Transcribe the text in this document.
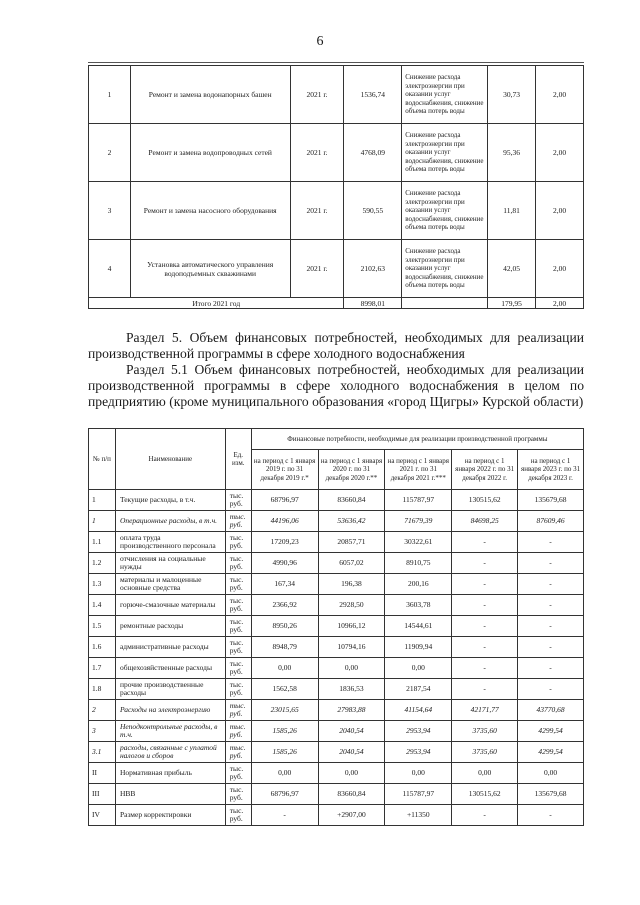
6
1	Ремонт и замена водонапорных башен	2021 г.	1536,74	Снижение расхода электроэнергии при оказании услуг водоснабжения, снижение объема потерь воды	30,73	2,00
2	Ремонт и замена водопроводных сетей	2021 г.	4768,09	Снижение расхода электроэнергии при оказании услуг водоснабжения, снижение объема потерь воды	95,36	2,00
3	Ремонт и замена насосного оборудования	2021 г.	590,55	Снижение расхода электроэнергии при оказании услуг водоснабжения, снижение объема потерь воды	11,81	2,00
4	Установка автоматического управления водоподъемных скважинами	2021 г.	2102,63	Снижение расхода электроэнергии при оказании услуг водоснабжения, снижение объема потерь воды	42,05	2,00
Итого 2021 год			8998,01		179,95	2,00
Раздел 5. Объем финансовых потребностей, необходимых для реализации производственной программы в сфере холодного водоснабжения
Раздел 5.1 Объем финансовых потребностей, необходимых для реализации производственной программы в сфере холодного водоснабжения в целом по предприятию (кроме муниципального образования «город Щигры» Курской области)
№ п/п	Наименование	Ед. изм.	Финансовые потребности, необходимые для реализации производственной программы				
			на период с 1 января 2019 г. по 31 декабря 2019 г.*	на период с 1 января 2020 г. по 31 декабря 2020 г.**	на период с 1 января 2021 г. по 31 декабря 2021 г.***	на период с 1 января 2022 г. по 31 декабря 2022 г.	на период с 1 января 2023 г. по 31 декабря 2023 г.
1	Текущие расходы, в т.ч.	тыс. руб.	68796,97	83660,84	115787,97	130515,62	135679,68
1	Операционные расходы, в т.ч.	тыс. руб.	44196,06	53636,42	71679,39	84698,25	87609,46
1.1	оплата труда производственного персонала	тыс. руб.	17209,23	20857,71	30322,61	-	-
1.2	отчисления на социальные нужды	тыс. руб.	4990,96	6057,02	8910,75	-	-
1.3	материалы и малоценные основные средства	тыс. руб.	167,34	196,38	200,16	-	-
1.4	горюче-смазочные материалы	тыс. руб.	2366,92	2928,50	3603,78	-	-
1.5	ремонтные расходы	тыс. руб.	8950,26	10966,12	14544,61	-	-
1.6	административные расходы	тыс. руб.	8948,79	10794,16	11909,94	-	-
1.7	общехозяйственные расходы	тыс. руб.	0,00	0,00	0,00	-	-
1.8	прочие производственные расходы	тыс. руб.	1562,58	1836,53	2187,54	-	-
2	Расходы на электроэнергию	тыс. руб.	23015,65	27983,88	41154,64	42171,77	43770,68
3	Неподконтрольные расходы, в т.ч.	тыс. руб.	1585,26	2040,54	2953,94	3735,60	4299,54
3.1	расходы, связанные с уплатой налогов и сборов	тыс. руб.	1585,26	2040,54	2953,94	3735,60	4299,54
II	Нормативная прибыль	тыс. руб.	0,00	0,00	0,00	0,00	0,00
III	НВВ	тыс. руб.	68796,97	83660,84	115787,97	130515,62	135679,68
IV	Размер корректировки	тыс. руб.	-	+2907,00	+11350	-	-
